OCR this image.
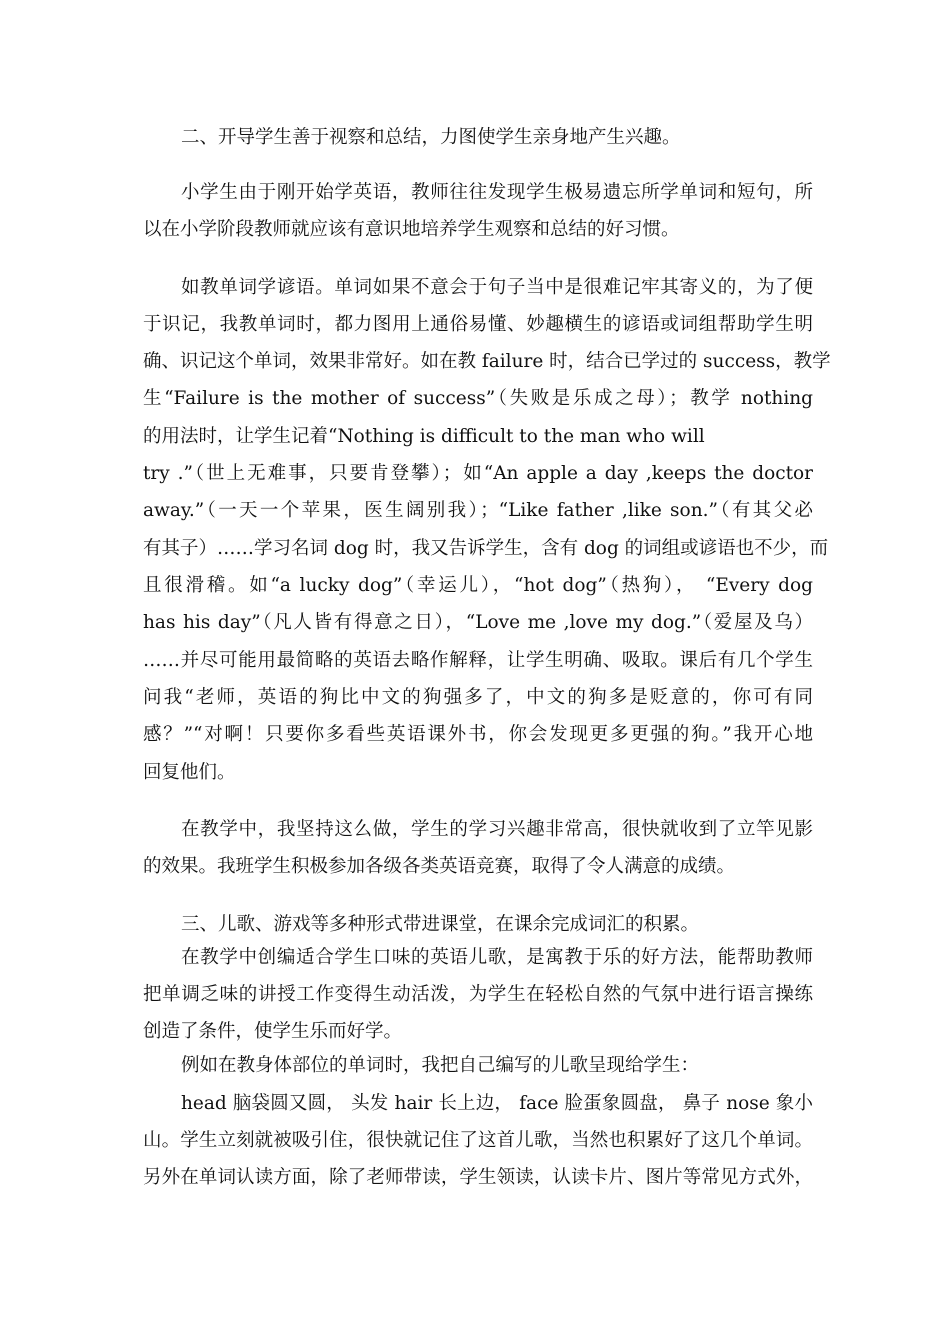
二、开导学生善于视察和总结，力图使学生亲身地产生兴趣。
小学生由于刚开始学英语，教师往往发现学生极易遗忘所学单词和短句，所
以在小学阶段教师就应该有意识地培养学生观察和总结的好习惯。
如教单词学谚语。单词如果不意会于句子当中是很难记牢其寄义的，为了便
于识记，我教单词时，都力图用上通俗易懂、妙趣横生的谚语或词组帮助学生明
确、识记这个单词，效果非常好。如在教 failure 时，结合已学过的 success，教学
生“Failure is the mother of success”（失败是乐成之母）；教学 nothing
的用法时，让学生记着“Nothing is difficult to the man who will
try .”（世上无难事，只要肯登攀）；如“An apple a day ,keeps the doctor
away.”（一天一个苹果，医生阔别我）；“Like father ,like son.”（有其父必
有其子）……学习名词 dog 时，我又告诉学生，含有 dog 的词组或谚语也不少，而
且很滑稽。如“a lucky dog”（幸运儿），“hot dog”（热狗）， “Every dog
has his day”（凡人皆有得意之日），“Love me ,love my dog.”（爱屋及乌）
……并尽可能用最简略的英语去略作解释，让学生明确、吸取。课后有几个学生
问我“老师，英语的狗比中文的狗强多了，中文的狗多是贬意的，你可有同
感？”“对啊！只要你多看些英语课外书，你会发现更多更强的狗。”我开心地
回复他们。
在教学中，我坚持这么做，学生的学习兴趣非常高，很快就收到了立竿见影
的效果。我班学生积极参加各级各类英语竞赛，取得了令人满意的成绩。
三、儿歌、游戏等多种形式带进课堂，在课余完成词汇的积累。
在教学中创编适合学生口味的英语儿歌，是寓教于乐的好方法，能帮助教师
把单调乏味的讲授工作变得生动活泼，为学生在轻松自然的气氛中进行语言操练
创造了条件，使学生乐而好学。
例如在教身体部位的单词时，我把自己编写的儿歌呈现给学生：
head 脑袋圆又圆， 头发 hair 长上边， face 脸蛋象圆盘， 鼻子 nose 象小
山。学生立刻就被吸引住，很快就记住了这首儿歌，当然也积累好了这几个单词。
另外在单词认读方面，除了老师带读，学生领读，认读卡片、图片等常见方式外，
